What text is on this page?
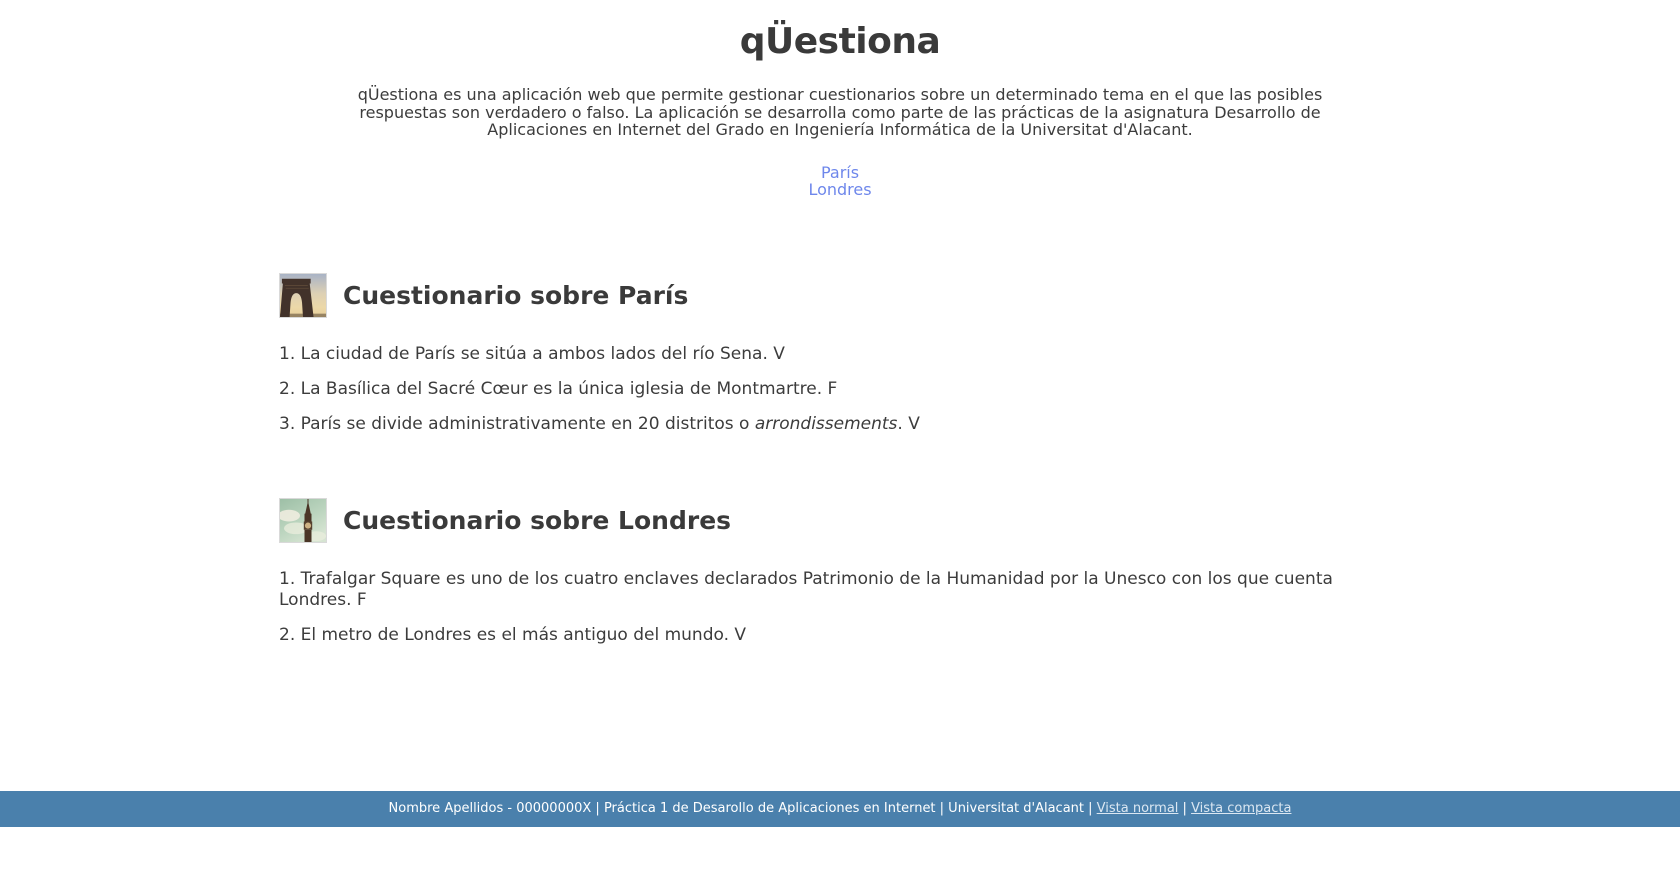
qÜestiona

qÜestiona es una aplicación web que permite gestionar cuestionarios sobre un determinado tema en el que las posibles respuestas son verdadero o falso. La aplicación se desarrolla como parte de las prácticas de la asignatura Desarrollo de Aplicaciones en Internet del Grado en Ingeniería Informática de la Universitat d'Alacant.

París
Londres
Cuestionario sobre París

1. La ciudad de París se sitúa a ambos lados del río Sena. V

2. La Basílica del Sacré Cœur es la única iglesia de Montmartre. F

3. París se divide administrativamente en 20 distritos o arrondissements. V

Cuestionario sobre Londres

1. Trafalgar Square es uno de los cuatro enclaves declarados Patrimonio de la Humanidad por la Unesco con los que cuenta Londres. F

2. El metro de Londres es el más antiguo del mundo. V

Nombre Apellidos - 00000000X | Práctica 1 de Desarollo de Aplicaciones en Internet | Universitat d'Alacant | Vista normal | Vista compacta
